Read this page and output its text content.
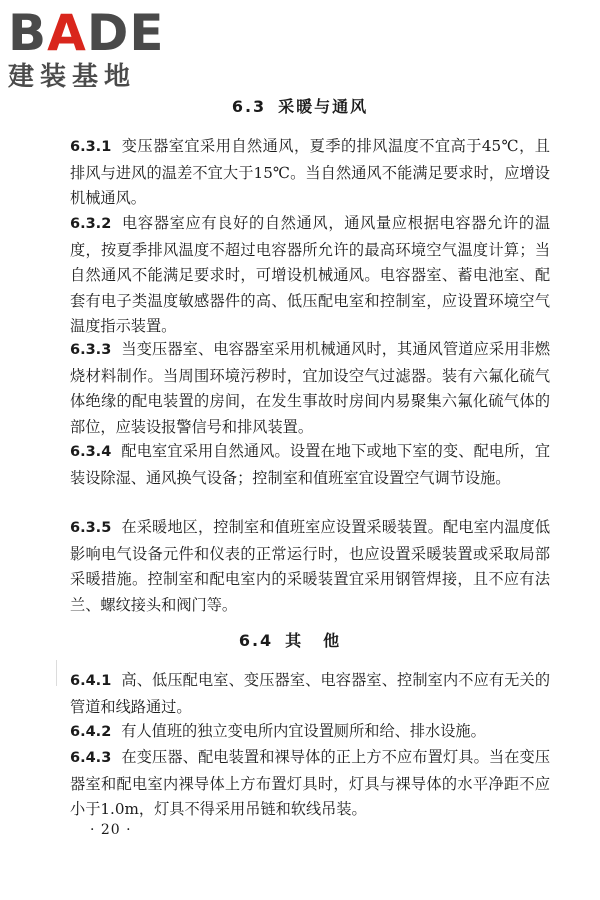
BADE
建装基地
6.3 采暖与通风

6.3.1 变压器室宜采用自然通风，夏季的排风温度不宜高于45℃，且排风与进风的温差不宜大于15℃。当自然通风不能满足要求时，应增设机械通风。

6.3.2 电容器室应有良好的自然通风，通风量应根据电容器允许的温度，按夏季排风温度不超过电容器所允许的最高环境空气温度计算；当自然通风不能满足要求时，可增设机械通风。电容器室、蓄电池室、配套有电子类温度敏感器件的高、低压配电室和控制室，应设置环境空气温度指示装置。

6.3.3 当变压器室、电容器室采用机械通风时，其通风管道应采用非燃烧材料制作。当周围环境污秽时，宜加设空气过滤器。装有六氟化硫气体绝缘的配电装置的房间，在发生事故时房间内易聚集六氟化硫气体的部位，应装设报警信号和排风装置。

6.3.4 配电室宜采用自然通风。设置在地下或地下室的变、配电所，宜装设除湿、通风换气设备；控制室和值班室宜设置空气调节设施。

6.3.5 在采暖地区，控制室和值班室应设置采暖装置。配电室内温度低影响电气设备元件和仪表的正常运行时，也应设置采暖装置或采取局部采暖措施。控制室和配电室内的采暖装置宜采用钢管焊接，且不应有法兰、螺纹接头和阀门等。

6.4 其他

6.4.1 高、低压配电室、变压器室、电容器室、控制室内不应有无关的管道和线路通过。

6.4.2 有人值班的独立变电所内宜设置厕所和给、排水设施。

6.4.3 在变压器、配电装置和裸导体的正上方不应布置灯具。当在变压器室和配电室内裸导体上方布置灯具时，灯具与裸导体的水平净距不应小于1.0m，灯具不得采用吊链和软线吊装。

· 20 ·
